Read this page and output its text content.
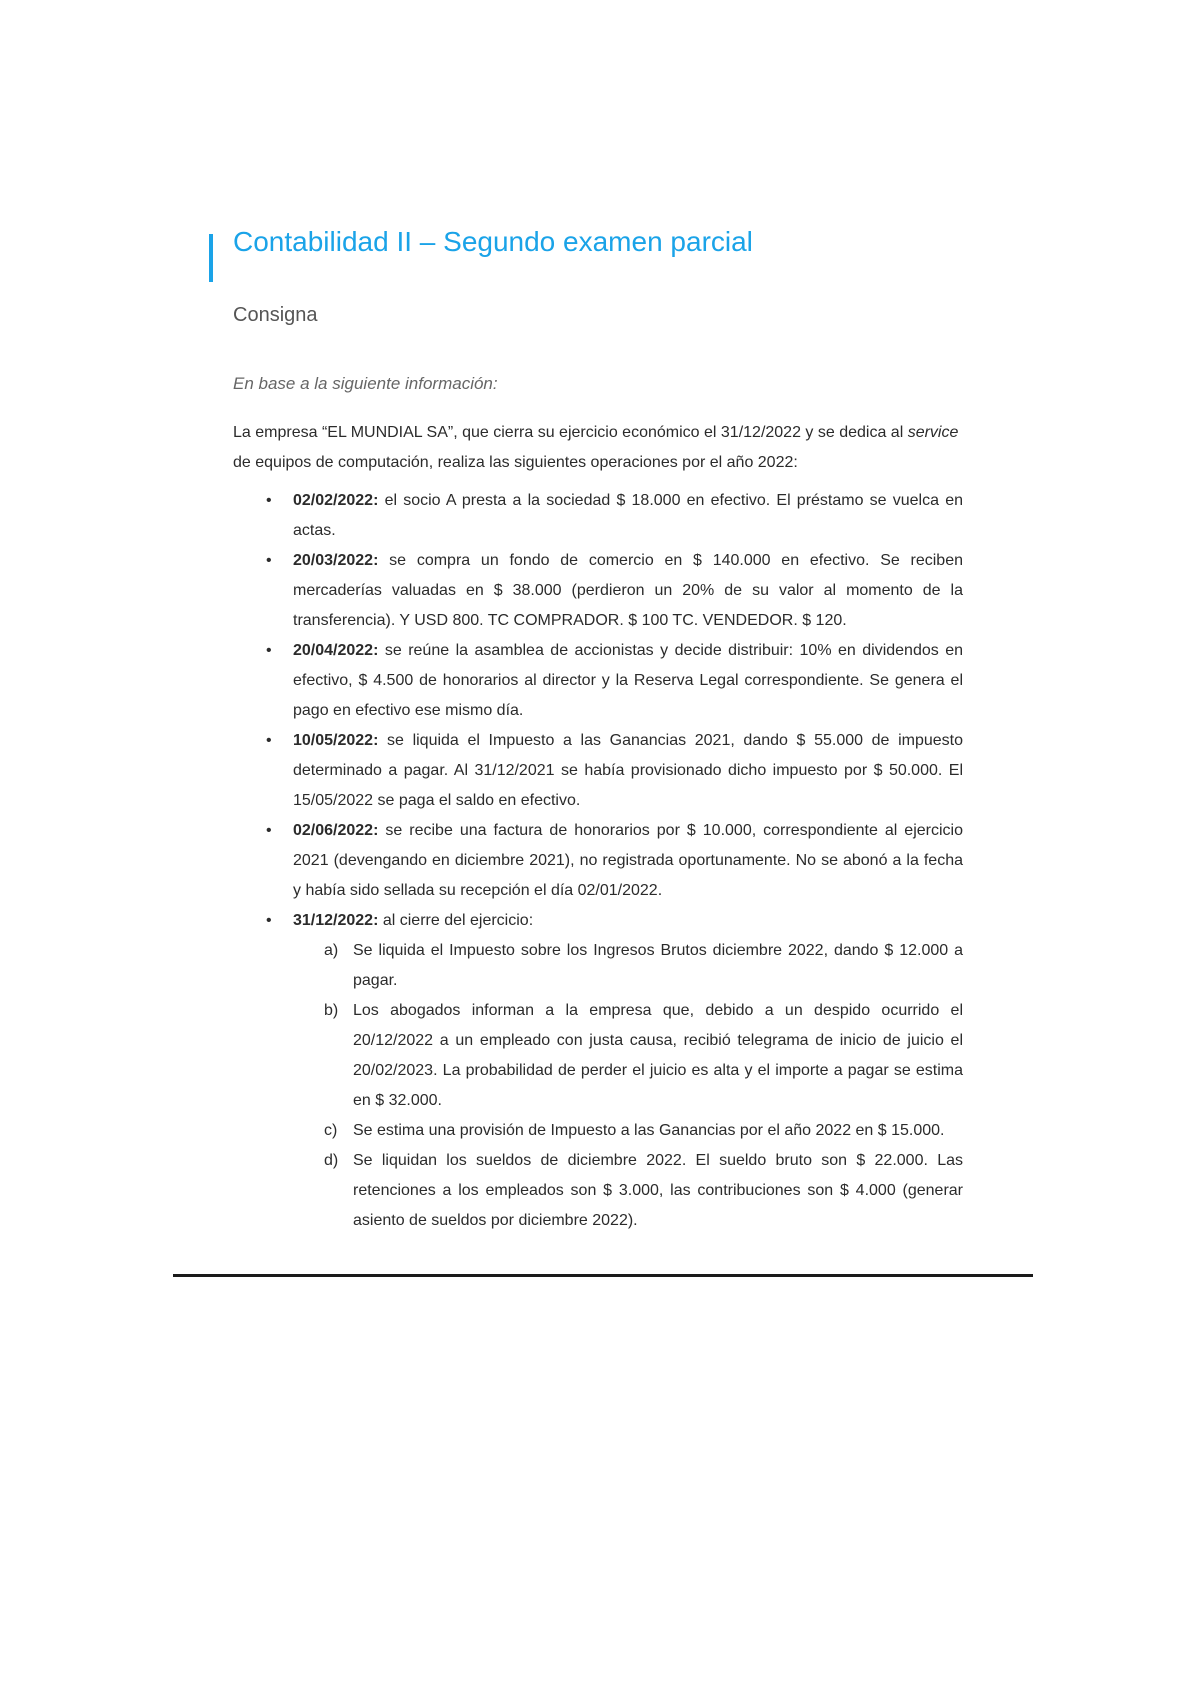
Contabilidad II – Segundo examen parcial
Consigna

En base a la siguiente información:

La empresa “EL MUNDIAL SA”, que cierra su ejercicio económico el 31/12/2022 y se dedica al service de equipos de computación, realiza las siguientes operaciones por el año 2022:

• 02/02/2022: el socio A presta a la sociedad $ 18.000 en efectivo. El préstamo se vuelca en actas.
• 20/03/2022: se compra un fondo de comercio en $ 140.000 en efectivo. Se reciben mercaderías valuadas en $ 38.000 (perdieron un 20% de su valor al momento de la transferencia). Y USD 800. TC COMPRADOR. $ 100 TC. VENDEDOR. $ 120.
• 20/04/2022: se reúne la asamblea de accionistas y decide distribuir: 10% en dividendos en efectivo, $ 4.500 de honorarios al director y la Reserva Legal correspondiente. Se genera el pago en efectivo ese mismo día.
• 10/05/2022: se liquida el Impuesto a las Ganancias 2021, dando $ 55.000 de impuesto determinado a pagar. Al 31/12/2021 se había provisionado dicho impuesto por $ 50.000. El 15/05/2022 se paga el saldo en efectivo.
• 02/06/2022: se recibe una factura de honorarios por $ 10.000, correspondiente al ejercicio 2021 (devengando en diciembre 2021), no registrada oportunamente. No se abonó a la fecha y había sido sellada su recepción el día 02/01/2022.
• 31/12/2022: al cierre del ejercicio:
a) Se liquida el Impuesto sobre los Ingresos Brutos diciembre 2022, dando $ 12.000 a pagar.
b) Los abogados informan a la empresa que, debido a un despido ocurrido el 20/12/2022 a un empleado con justa causa, recibió telegrama de inicio de juicio el 20/02/2023. La probabilidad de perder el juicio es alta y el importe a pagar se estima en $ 32.000.
c) Se estima una provisión de Impuesto a las Ganancias por el año 2022 en $ 15.000.
d) Se liquidan los sueldos de diciembre 2022. El sueldo bruto son $ 22.000. Las retenciones a los empleados son $ 3.000, las contribuciones son $ 4.000 (generar asiento de sueldos por diciembre 2022).
